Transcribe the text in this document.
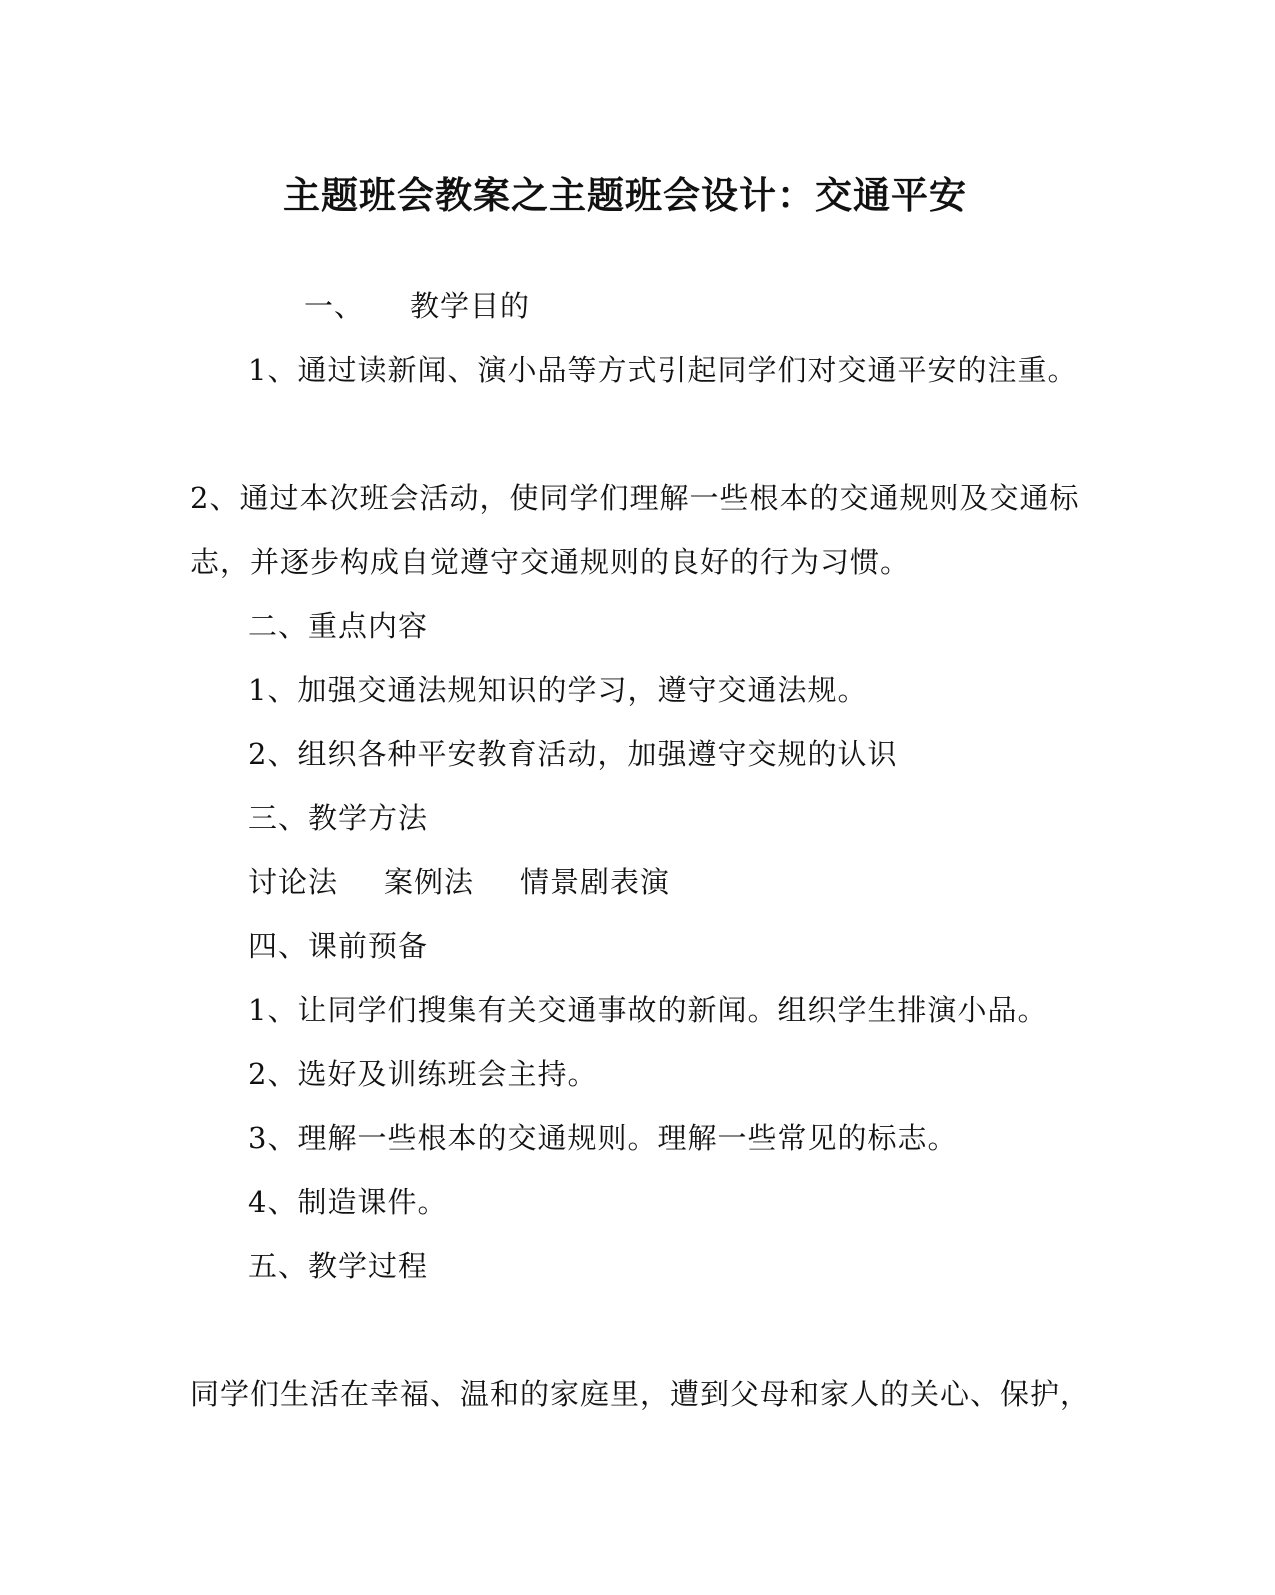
主题班会教案之主题班会设计：交通平安
一、 教学目的
1、通过读新闻、演小品等方式引起同学们对交通平安的注重。
2、通过本次班会活动，使同学们理解一些根本的交通规则及交通标
志，并逐步构成自觉遵守交通规则的良好的行为习惯。
二、重点内容
1、加强交通法规知识的学习，遵守交通法规。
2、组织各种平安教育活动，加强遵守交规的认识
三、教学方法
讨论法 案例法 情景剧表演
四、课前预备
1、让同学们搜集有关交通事故的新闻。组织学生排演小品。
2、选好及训练班会主持。
3、理解一些根本的交通规则。理解一些常见的标志。
4、制造课件。
五、教学过程
同学们生活在幸福、温和的家庭里，遭到父母和家人的关心、保护，
